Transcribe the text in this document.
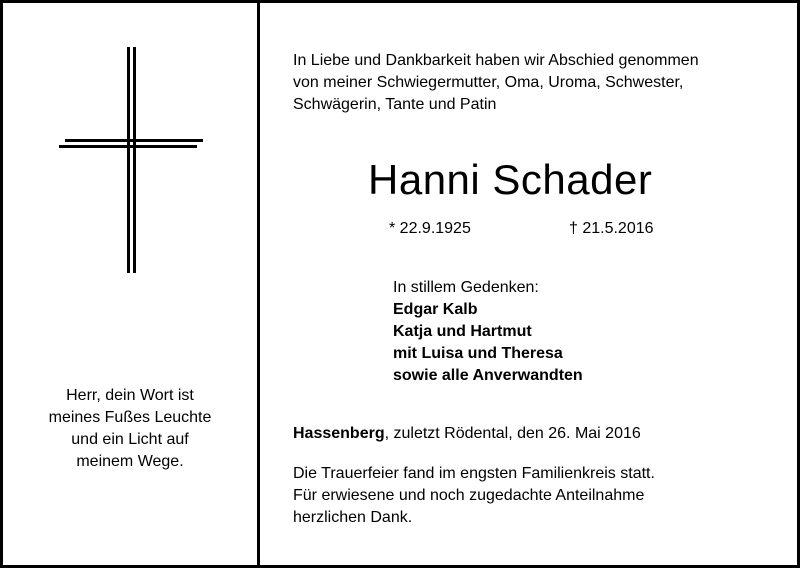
Herr, dein Wort ist
meines Fußes Leuchte
und ein Licht auf
meinem Wege.
In Liebe und Dankbarkeit haben wir Abschied genommen
von meiner Schwiegermutter, Oma, Uroma, Schwester,
Schwägerin, Tante und Patin
Hanni Schader
* 22.9.1925	† 21.5.2016
In stillem Gedenken:
Edgar Kalb
Katja und Hartmut
mit Luisa und Theresa
sowie alle Anverwandten
Hassenberg, zuletzt Rödental, den 26. Mai 2016
Die Trauerfeier fand im engsten Familienkreis statt.
Für erwiesene und noch zugedachte Anteilnahme
herzlichen Dank.
